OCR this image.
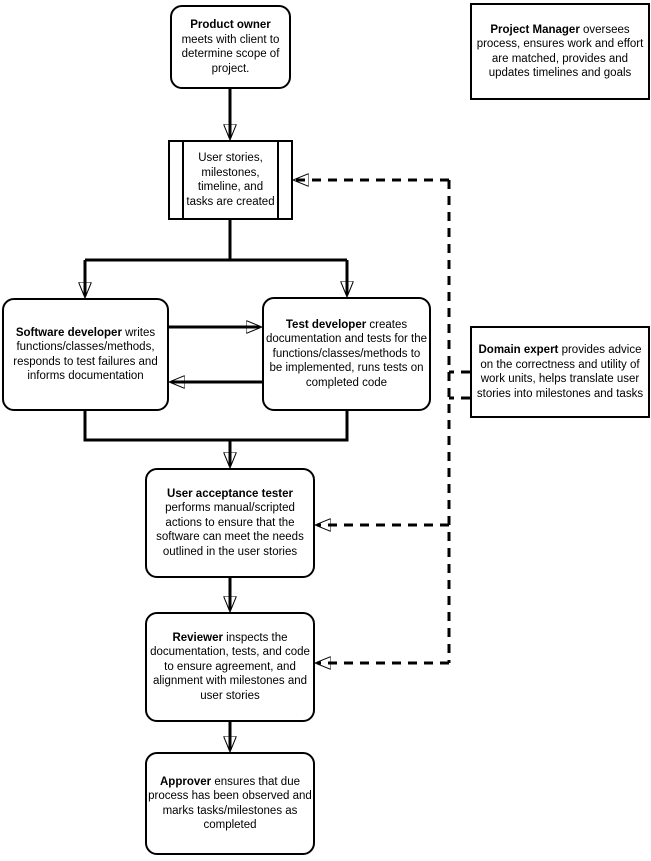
Product owner meets with client to determine scope of project.
User stories, milestones, timeline, and tasks are created
Software developer writes functions/classes/methods, responds to test failures and informs documentation
Test developer creates documentation and tests for the functions/classes/methods to be implemented, runs tests on completed code
User acceptance tester performs manual/scripted actions to ensure that the software can meet the needs outlined in the user stories
Reviewer inspects the documentation, tests, and code to ensure agreement, and alignment with milestones and user stories
Approver ensures that due process has been observed and marks tasks/milestones as completed
Project Manager oversees process, ensures work and effort are matched, provides and updates timelines and goals
Domain expert provides advice on the correctness and utility of work units, helps translate user stories into milestones and tasks
